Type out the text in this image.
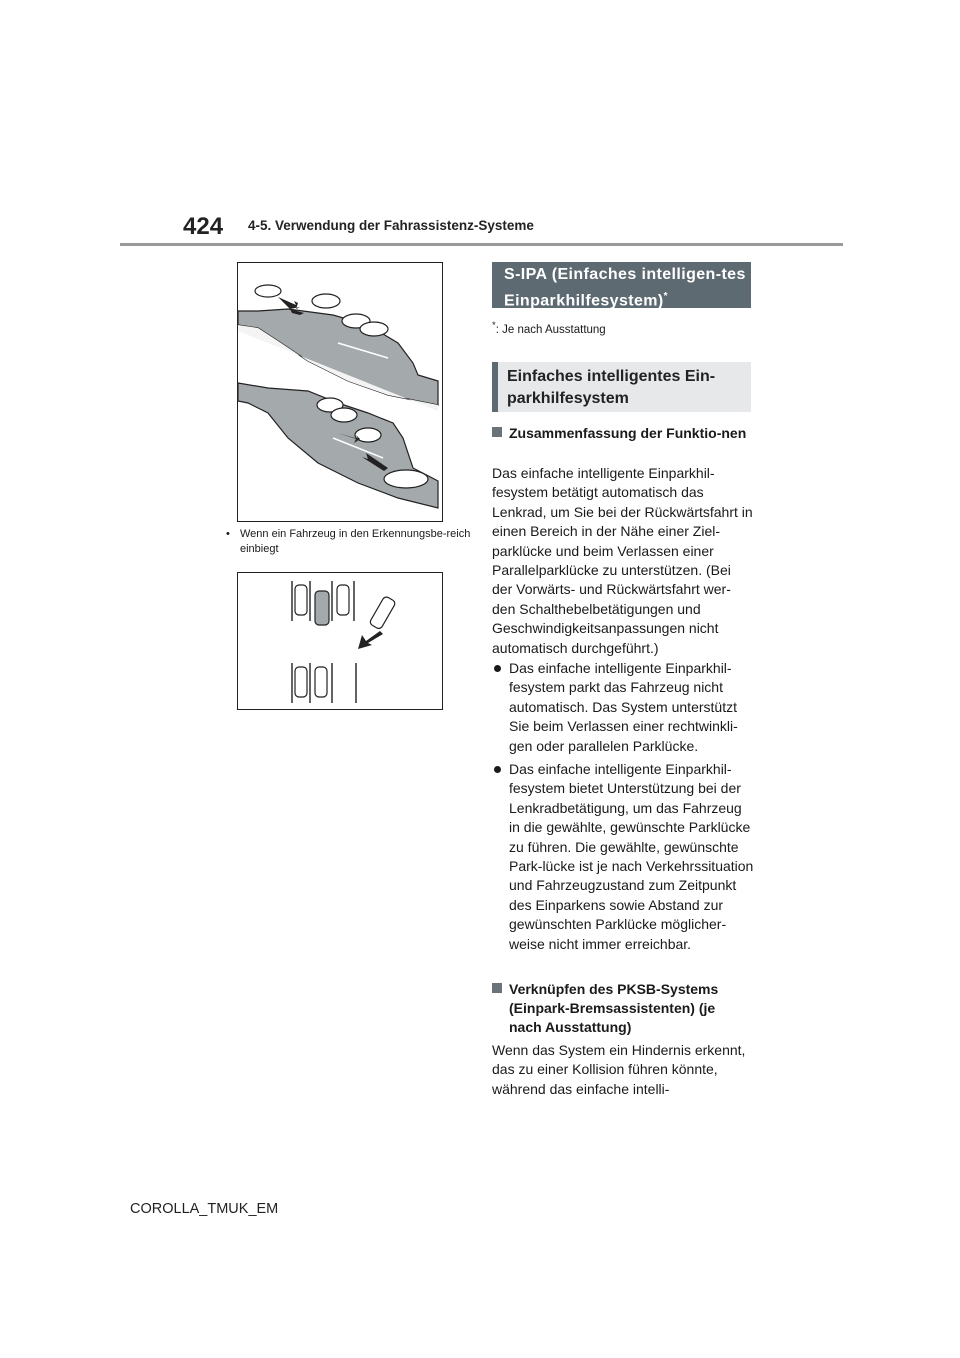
424 4-5. Verwendung der Fahrassistenz-Systeme
• Wenn ein Fahrzeug in den Erkennungsbe-reich einbiegt
S-IPA (Einfaches intelligen-tes Einparkhilfesystem)*
*: Je nach Ausstattung
Einfaches intelligentes Ein-parkhilfesystem
Zusammenfassung der Funktio-nen
Das einfache intelligente Einparkhil-fesystem betätigt automatisch das Lenkrad, um Sie bei der Rückwärtsfahrt in einen Bereich in der Nähe einer Ziel-parklücke und beim Verlassen einer Parallelparklücke zu unterstützen. (Bei der Vorwärts- und Rückwärtsfahrt wer-den Schalthebelbetätigungen und Geschwindigkeitsanpassungen nicht automatisch durchgeführt.)
Das einfache intelligente Einparkhil-fesystem parkt das Fahrzeug nicht automatisch. Das System unterstützt Sie beim Verlassen einer rechtwinkli-gen oder parallelen Parklücke.
Das einfache intelligente Einparkhil-fesystem bietet Unterstützung bei der Lenkradbetätigung, um das Fahrzeug in die gewählte, gewünschte Parklücke zu führen. Die gewählte, gewünschte Park-lücke ist je nach Verkehrssituation und Fahrzeugzustand zum Zeitpunkt des Einparkens sowie Abstand zur gewünschten Parklücke möglicher-weise nicht immer erreichbar.
Verknüpfen des PKSB-Systems (Einpark-Bremsassistenten) (je nach Ausstattung)
Wenn das System ein Hindernis erkennt, das zu einer Kollision führen könnte, während das einfache intelli-
COROLLA_TMUK_EM
